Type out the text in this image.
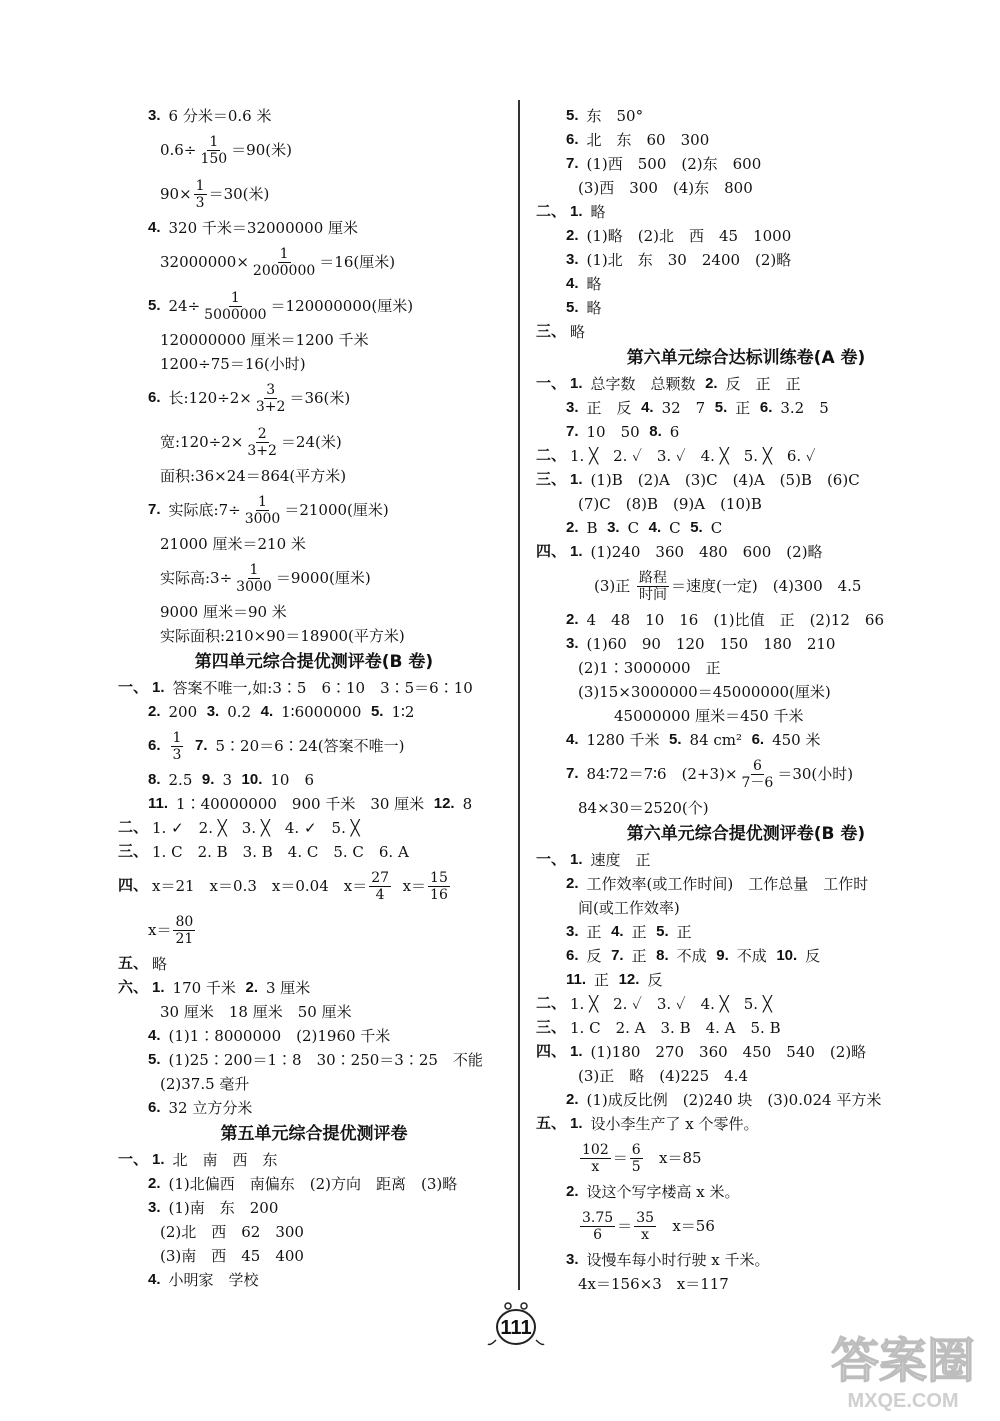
3. 6 分米＝0.6 米
$0.6\div \frac{1}{150} =90$(米)
$90\times \frac{1}{3} =30$(米)
4. 320 千米＝32000000 厘米
$32000000\times \frac{1}{2000000} =16$(厘米)
5. $24\div \frac{1}{5000000} =120000000$(厘米)
120000000 厘米＝1200 千米
1200÷75＝16(小时)
6. 长:120÷2× $\frac{3}{3+2} =36$(米)
宽:120÷2× $\frac{2}{3+2} =24$(米)
面积:36×24＝864(平方米)
7. 实际底:7÷ $\frac{1}{3000} =21000$(厘米)
21000 厘米＝210 米
实际高:3÷ $\frac{1}{3000} =9000$(厘米)
9000 厘米＝90 米
实际面积:210×90＝18900(平方米)
第四单元综合提优测评卷(B 卷)
一、 1. 答案不唯一,如:3∶5　6∶10　3∶5＝6∶10
2. 200
3. 0.2
4. 1∶6000000
5. 1∶2
6. $\frac{1}{3}$
7. 5∶20＝6∶24(答案不唯一)
8. 2.5
9. 3
10. 10　6
11. 1∶40000000　900 千米　30 厘米
12. 8
二、 1. ✓　2. ╳　3. ╳　4. ✓　5. ╳
三、 1. C　2. B　3. B　4. C　5. C　6. A
四、 x＝21　x＝0.3　x＝0.04　$x= \frac{27}{4}$
$x= \frac{15}{16}$
$x= \frac{80}{21}$
五、 略
六、 1. 170 千米
2. 3 厘米
30 厘米　18 厘米　50 厘米
4. (1)1∶8000000　(2)1960 千米
5. (1)25∶200＝1∶8　30∶250＝3∶25　不能
(2)37.5 毫升
6. 32 立方分米
第五单元综合提优测评卷
一、 1. 北　南　西　东
2. (1)北偏西　南偏东　(2)方向　距离　(3)略
3. (1)南　东　200
(2)北　西　62　300
(3)南　西　45　400
4. 小明家　学校
5. 东　50°
6. 北　东　60　300
7. (1)西　500　(2)东　600
(3)西　300　(4)东　800
二、 1. 略
2. (1)略　(2)北　西　45　1000
3. (1)北　东　30　2400　(2)略
4. 略
5. 略
三、 略
第六单元综合达标训练卷(A 卷)
一、 1. 总字数　总颗数
2. 反　正　正
3. 正　反
4. 32　7
5. 正
6. 3.2　5
7. 10　50
8. 6
二、 1. ╳　2. ✓　3. ✓　4. ╳　5. ╳　6. ✓
三、 1. (1)B　(2)A　(3)C　(4)A　(5)B　(6)C
(7)C　(8)B　(9)A　(10)B
2. B
3. C
4. C
5. C
四、 1. (1)240　360　480　600　(2)略
(3)正
$\frac{\text{路程}}{\text{时间}}$ ＝速度(一定)　(4)300　4.5
2. 4　48　10　16　(1)比值　正　(2)12　66
3. (1)60　90　120　150　180　210
(2)1∶3000000　正
(3)15×3000000＝45000000(厘米)
45000000 厘米＝450 千米
4. 1280 千米
5. 84 cm²
6. 450 米
7. 84∶72＝7∶6　$(2+3)\times \frac{6}{7-6} =30$(小时)
84×30＝2520(个)
第六单元综合提优测评卷(B 卷)
一、 1. 速度　正
2. 工作效率(或工作时间)　工作总量　工作时
间(或工作效率)
3. 正
4. 正
5. 正
6. 反
7. 正
8. 不成
9. 不成
10. 反
11. 正
12. 反
二、 1. ╳　2. ✓　3. ✓　4. ╳　5. ╳
三、 1. C　2. A　3. B　4. A　5. B
四、 1. (1)180　270　360　450　540　(2)略
(3)正　略　(4)225　4.4
2. (1)成反比例　(2)240 块　(3)0.024 平方米
五、 1. 设小李生产了 x 个零件。
$\frac{102}{x} = \frac{6}{5}$
x＝85
2. 设这个写字楼高 x 米。
$\frac{3.75}{6} = \frac{35}{x}$
x＝56
3. 设慢车每小时行驶 x 千米。
4x＝156×3　x＝117
111
答案圈
MXQE.COM
